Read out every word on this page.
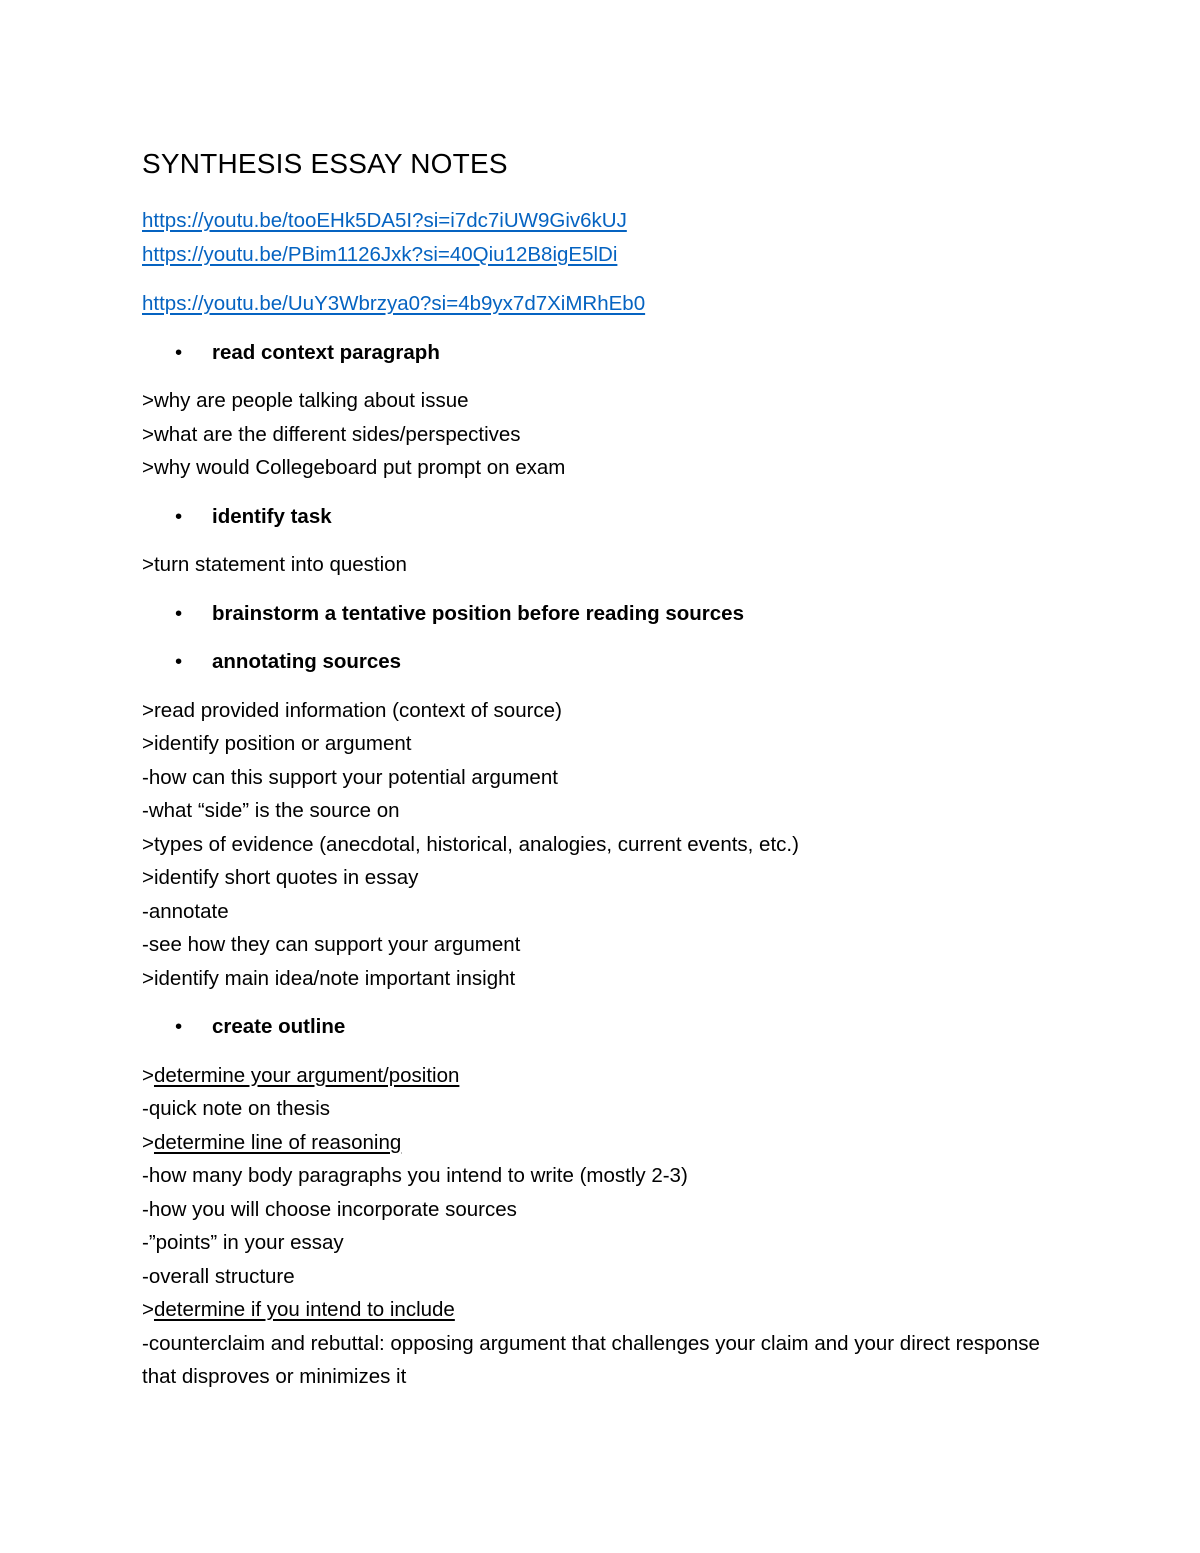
SYNTHESIS ESSAY NOTES
https://youtu.be/tooEHk5DA5I?si=i7dc7iUW9Giv6kUJ
https://youtu.be/PBim1126Jxk?si=40Qiu12B8igE5lDi
https://youtu.be/UuY3Wbrzya0?si=4b9yx7d7XiMRhEb0

• read context paragraph

>why are people talking about issue

>what are the different sides/perspectives

>why would Collegeboard put prompt on exam

• identify task

>turn statement into question

• brainstorm a tentative position before reading sources

• annotating sources

>read provided information (context of source)

>identify position or argument

-how can this support your potential argument

-what “side” is the source on

>types of evidence (anecdotal, historical, analogies, current events, etc.)

>identify short quotes in essay

-annotate

-see how they can support your argument

>identify main idea/note important insight

• create outline

>determine your argument/position

-quick note on thesis

>determine line of reasoning

-how many body paragraphs you intend to write (mostly 2-3)

-how you will choose incorporate sources

-”points” in your essay

-overall structure

>determine if you intend to include

-counterclaim and rebuttal: opposing argument that challenges your claim and your direct response that disproves or minimizes it
